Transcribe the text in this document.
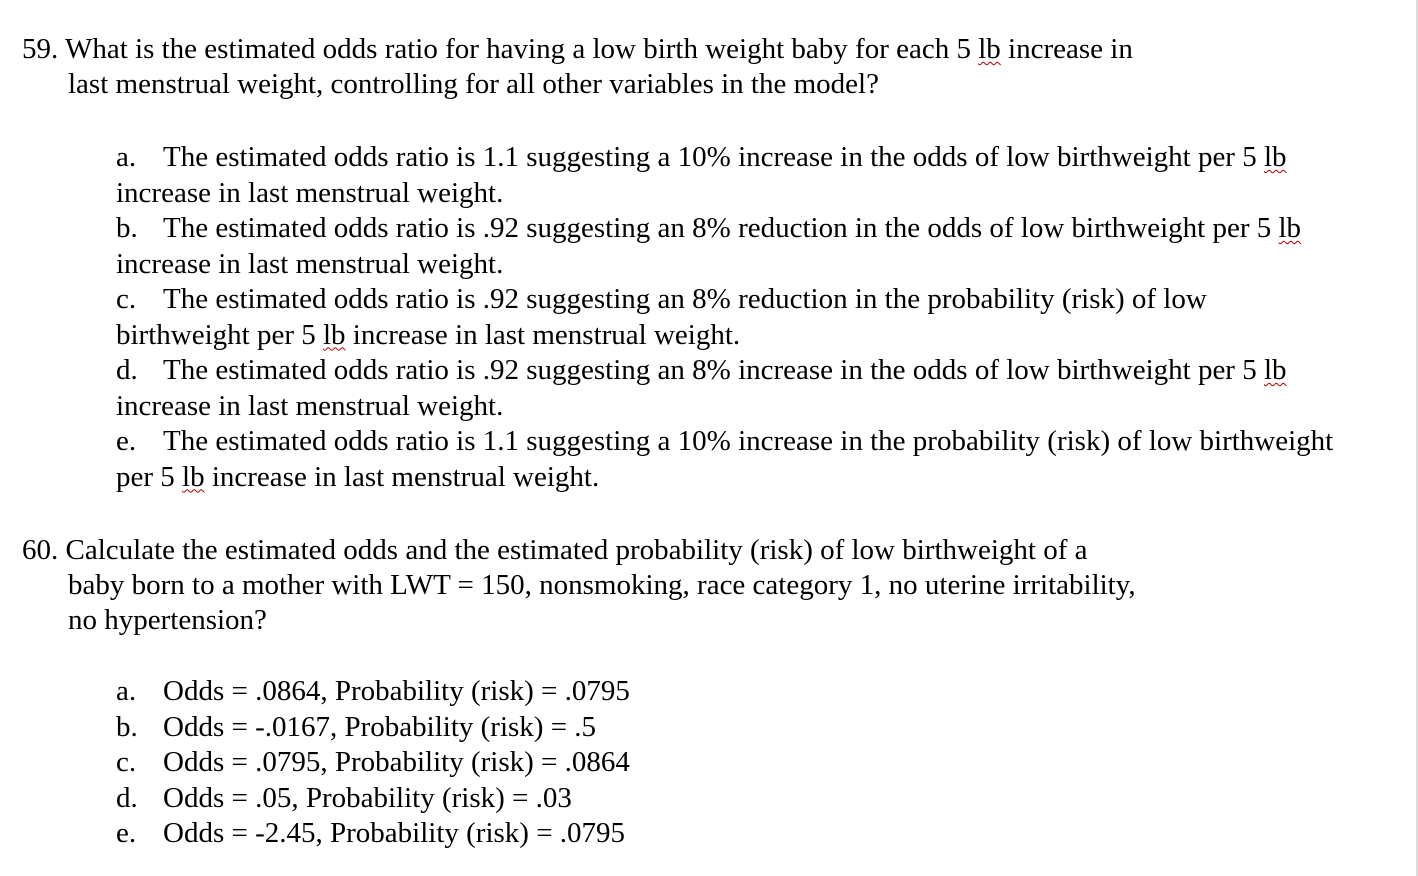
59. What is the estimated odds ratio for having a low birth weight baby for each 5 lb increase in
last menstrual weight, controlling for all other variables in the model?
a. The estimated odds ratio is 1.1 suggesting a 10% increase in the odds of low birthweight per 5 lb
increase in last menstrual weight.
b. The estimated odds ratio is .92 suggesting an 8% reduction in the odds of low birthweight per 5 lb
increase in last menstrual weight.
c. The estimated odds ratio is .92 suggesting an 8% reduction in the probability (risk) of low
birthweight per 5 lb increase in last menstrual weight.
d. The estimated odds ratio is .92 suggesting an 8% increase in the odds of low birthweight per 5 lb
increase in last menstrual weight.
e. The estimated odds ratio is 1.1 suggesting a 10% increase in the probability (risk) of low birthweight
per 5 lb increase in last menstrual weight.
60. Calculate the estimated odds and the estimated probability (risk) of low birthweight of a
baby born to a mother with LWT = 150, nonsmoking, race category 1, no uterine irritability,
no hypertension?
a. Odds = .0864, Probability (risk) = .0795
b. Odds = -.0167, Probability (risk) = .5
c. Odds = .0795, Probability (risk) = .0864
d. Odds = .05, Probability (risk) = .03
e. Odds = -2.45, Probability (risk) = .0795
